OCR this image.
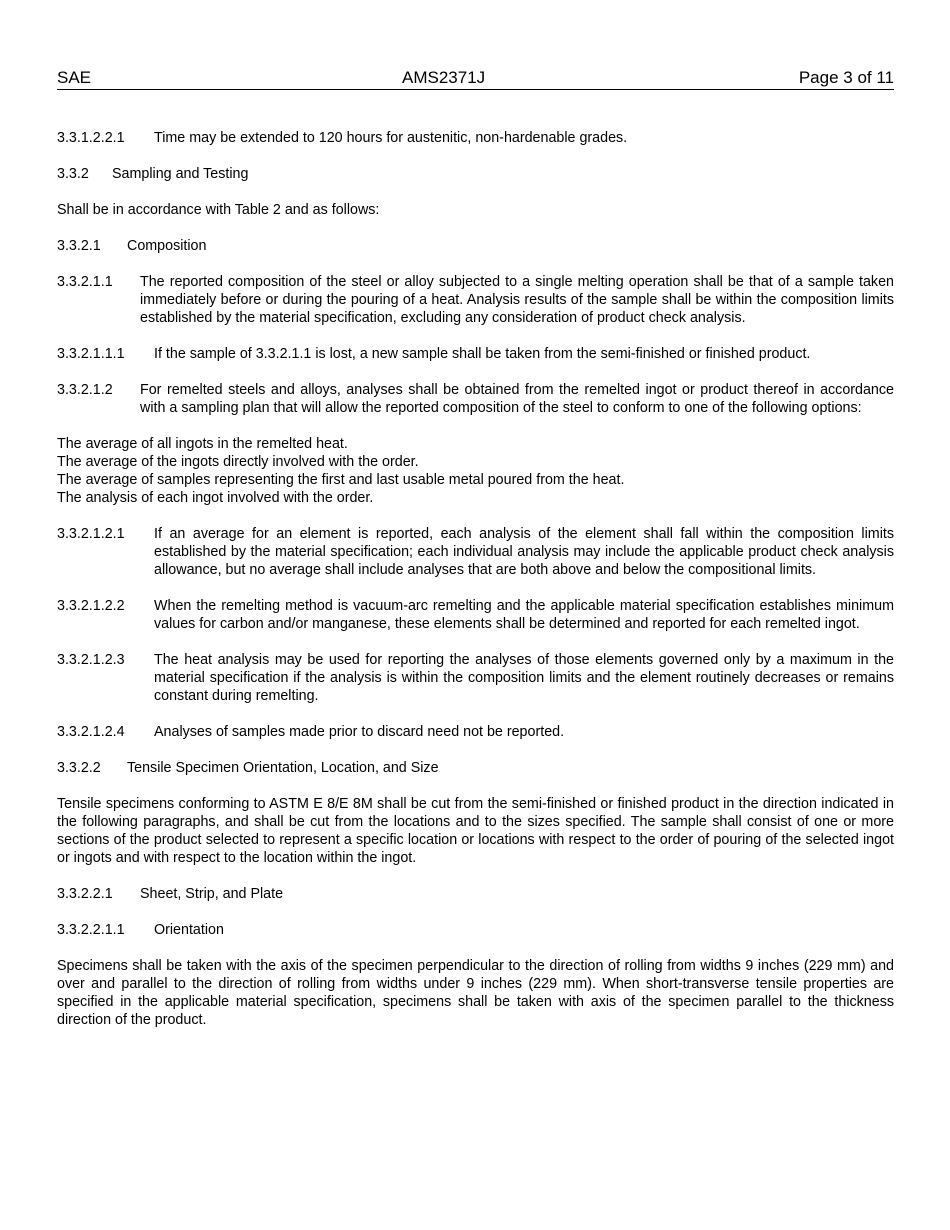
SAE	AMS2371J	Page 3 of 11
3.3.1.2.2.1	Time may be extended to 120 hours for austenitic, non-hardenable grades.
3.3.2	Sampling and Testing
Shall be in accordance with Table 2 and as follows:
3.3.2.1	Composition
3.3.2.1.1	The reported composition of the steel or alloy subjected to a single melting operation shall be that of a sample taken immediately before or during the pouring of a heat. Analysis results of the sample shall be within the composition limits established by the material specification, excluding any consideration of product check analysis.
3.3.2.1.1.1	If the sample of 3.3.2.1.1 is lost, a new sample shall be taken from the semi-finished or finished product.
3.3.2.1.2	For remelted steels and alloys, analyses shall be obtained from the remelted ingot or product thereof in accordance with a sampling plan that will allow the reported composition of the steel to conform to one of the following options:
The average of all ingots in the remelted heat.
The average of the ingots directly involved with the order.
The average of samples representing the first and last usable metal poured from the heat.
The analysis of each ingot involved with the order.
3.3.2.1.2.1	If an average for an element is reported, each analysis of the element shall fall within the composition limits established by the material specification; each individual analysis may include the applicable product check analysis allowance, but no average shall include analyses that are both above and below the compositional limits.
3.3.2.1.2.2	When the remelting method is vacuum-arc remelting and the applicable material specification establishes minimum values for carbon and/or manganese, these elements shall be determined and reported for each remelted ingot.
3.3.2.1.2.3	The heat analysis may be used for reporting the analyses of those elements governed only by a maximum in the material specification if the analysis is within the composition limits and the element routinely decreases or remains constant during remelting.
3.3.2.1.2.4	Analyses of samples made prior to discard need not be reported.
3.3.2.2	Tensile Specimen Orientation, Location, and Size
Tensile specimens conforming to ASTM E 8/E 8M shall be cut from the semi-finished or finished product in the direction indicated in the following paragraphs, and shall be cut from the locations and to the sizes specified. The sample shall consist of one or more sections of the product selected to represent a specific location or locations with respect to the order of pouring of the selected ingot or ingots and with respect to the location within the ingot.
3.3.2.2.1	Sheet, Strip, and Plate
3.3.2.2.1.1	Orientation
Specimens shall be taken with the axis of the specimen perpendicular to the direction of rolling from widths 9 inches (229 mm) and over and parallel to the direction of rolling from widths under 9 inches (229 mm). When short-transverse tensile properties are specified in the applicable material specification, specimens shall be taken with axis of the specimen parallel to the thickness direction of the product.
